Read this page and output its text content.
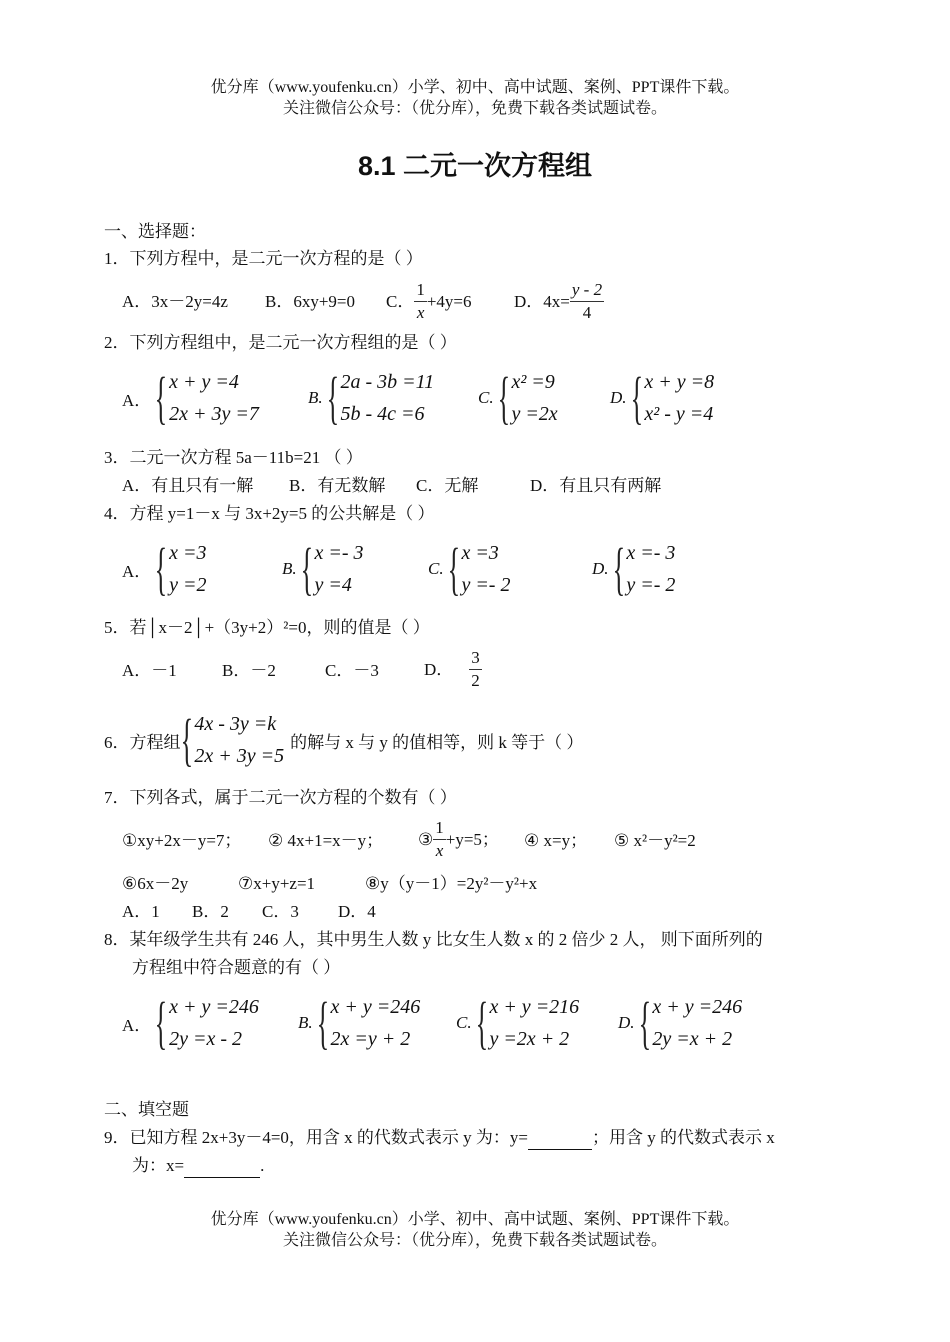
优分库（www.youfenku.cn）小学、初中、高中试题、案例、PPT课件下载。
关注微信公众号：（优分库），免费下载各类试题试卷。
8.1 二元一次方程组
一、选择题：
1．下列方程中，是二元一次方程的是（ ）
A．3x－2y=4z B．6xy+9=0 C． $\frac{1}{x} +4y=6$ D．$4x= \frac{y - 2}{4}$
2．下列方程组中，是二元一次方程组的是（ ）
A． { x + y =4
2x + 3y =7
B. { 2a - 3b =11
5b - 4c =6
C. { x² =9
y =2x
D. { x + y =8
x² - y =4
3．二元一次方程 5a－11b=21 （ ）
A．有且只有一解 B．有无数解 C．无解	D．有且只有两解
4．方程 y=1－x 与 3x+2y=5 的公共解是（ ）
A． { x =3
y =2
B. { x =- 3
y =4
C. { x =3
y =- 2
D. { x =- 3
y =- 2
5．若│x－2│+（3y+2）²=0，则的值是（ ）
A．－1	B．－2	C．－3	D． $\frac{3}{2}$
6．方程组 { 4x - 3y =k
2x + 3y =5
的解与 x 与 y 的值相等，则 k 等于（ ）
7．下列各式，属于二元一次方程的个数有（ ）
①xy+2x－y=7； ② 4x+1=x－y； ③ $\frac{1}{x} +y=5$； ④ x=y； ⑤ x²－y²=2
⑥6x－2y	⑦x+y+z=1	⑧y（y－1）=2y²－y²+x
A．1 B．2 C．3 D．4
8．某年级学生共有 246 人，其中男生人数 y 比女生人数 x 的 2 倍少 2 人， 则下面所列的
方程组中符合题意的有（ ）
A． { x + y =246
2y =x - 2
B. { x + y =246
2x =y + 2
C. { x + y =216
y =2x + 2
D. { x + y =246
2y =x + 2
二、填空题
9．已知方程 2x+3y－4=0，用含 x 的代数式表示 y 为：y=	；用含 y 的代数式表示 x
为：x=	.
优分库（www.youfenku.cn）小学、初中、高中试题、案例、PPT课件下载。
关注微信公众号：（优分库），免费下载各类试题试卷。
